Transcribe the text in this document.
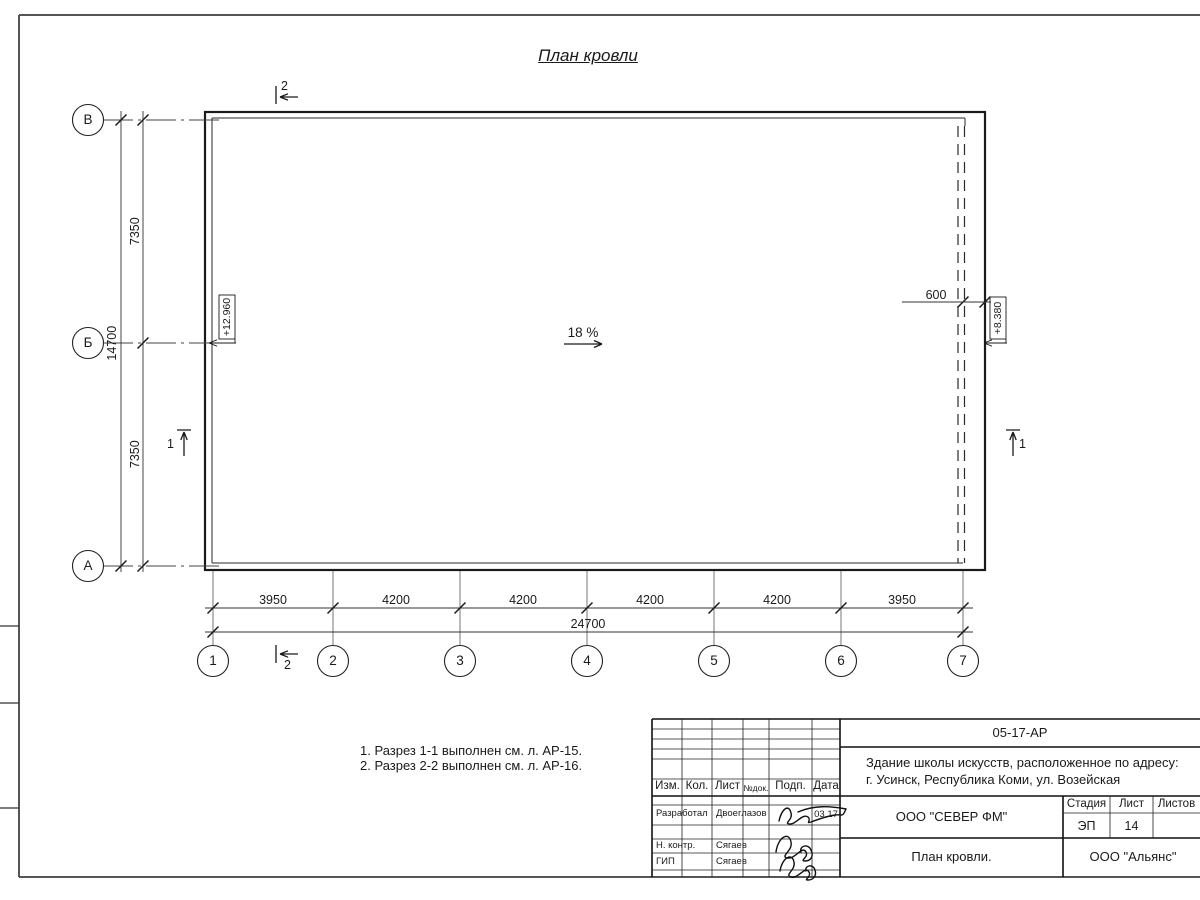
План кровли
В
Б
А
1	2	3	4	5	6	7
7350
7350
14700
3950	4200	4200	4200	4200	3950
24700
600
18 %
+12.960	+8.380
2
2
1	1
1. Разрез 1-1 выполнен см. л. АР-15.
2. Разрез 2-2 выполнен см. л. АР-16.
Изм. Кол. Лист №док. Подп. Дата
Разработал Двоеглазов	03.17
Н. контр. Сягаев
ГИП	Сягаев
05-17-АР
Здание школы искусств, расположенное по адресу:
г. Усинск, Республика Коми, ул. Возейская
ООО "СЕВЕР ФМ"
Стадия	Лист	Листов
ЭП	14
План кровли.	ООО "Альянс"
